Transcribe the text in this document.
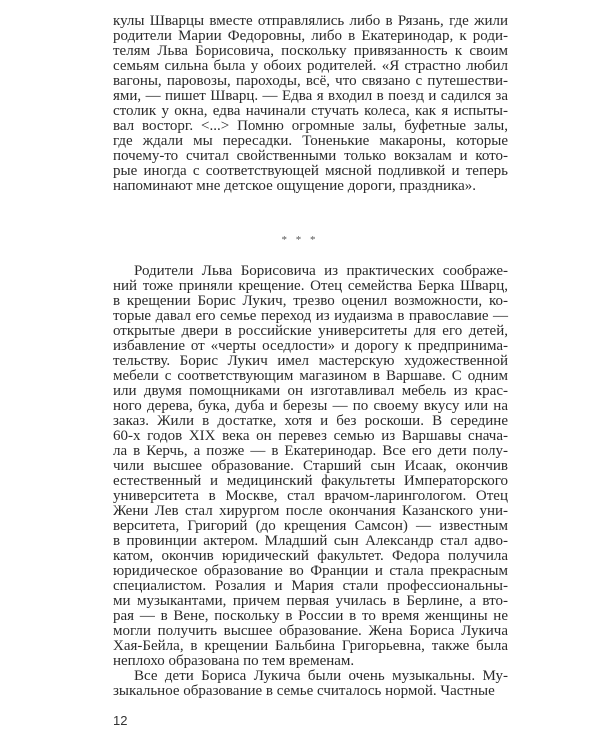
кулы Шварцы вместе отправлялись либо в Рязань, где жили
родители Марии Федоровны, либо в Екатеринодар, к роди-
телям Льва Борисовича, поскольку привязанность к своим
семьям сильна была у обоих родителей. «Я страстно любил
вагоны, паровозы, пароходы, всё, что связано с путешестви-
ями, — пишет Шварц. — Едва я входил в поезд и садился за
столик у окна, едва начинали стучать колеса, как я испыты-
вал восторг. <...> Помню огромные залы, буфетные залы,
где ждали мы пересадки. Тоненькие макароны, которые
почему-то считал свойственными только вокзалам и кото-
рые иногда с соответствующей мясной подливкой и теперь
напоминают мне детское ощущение дороги, праздника».
* * *
Родители Льва Борисовича из практических соображе-
ний тоже приняли крещение. Отец семейства Берка Шварц,
в крещении Борис Лукич, трезво оценил возможности, ко-
торые давал его семье переход из иудаизма в православие —
открытые двери в российские университеты для его детей,
избавление от «черты оседлости» и дорогу к предпринима-
тельству. Борис Лукич имел мастерскую художественной
мебели с соответствующим магазином в Варшаве. С одним
или двумя помощниками он изготавливал мебель из крас-
ного дерева, бука, дуба и березы — по своему вкусу или на
заказ. Жили в достатке, хотя и без роскоши. В середине
60-х годов XIX века он перевез семью из Варшавы снача-
ла в Керчь, а позже — в Екатеринодар. Все его дети полу-
чили высшее образование. Старший сын Исаак, окончив
естественный и медицинский факультеты Императорского
университета в Москве, стал врачом-ларингологом. Отец
Жени Лев стал хирургом после окончания Казанского уни-
верситета, Григорий (до крещения Самсон) — известным
в провинции актером. Младший сын Александр стал адво-
катом, окончив юридический факультет. Федора получила
юридическое образование во Франции и стала прекрасным
специалистом. Розалия и Мария стали профессиональны-
ми музыкантами, причем первая училась в Берлине, а вто-
рая — в Вене, поскольку в России в то время женщины не
могли получить высшее образование. Жена Бориса Лукича
Хая-Бейла, в крещении Бальбина Григорьевна, также была
неплохо образована по тем временам.
Все дети Бориса Лукича были очень музыкальны. Му-
зыкальное образование в семье считалось нормой. Частные
12
